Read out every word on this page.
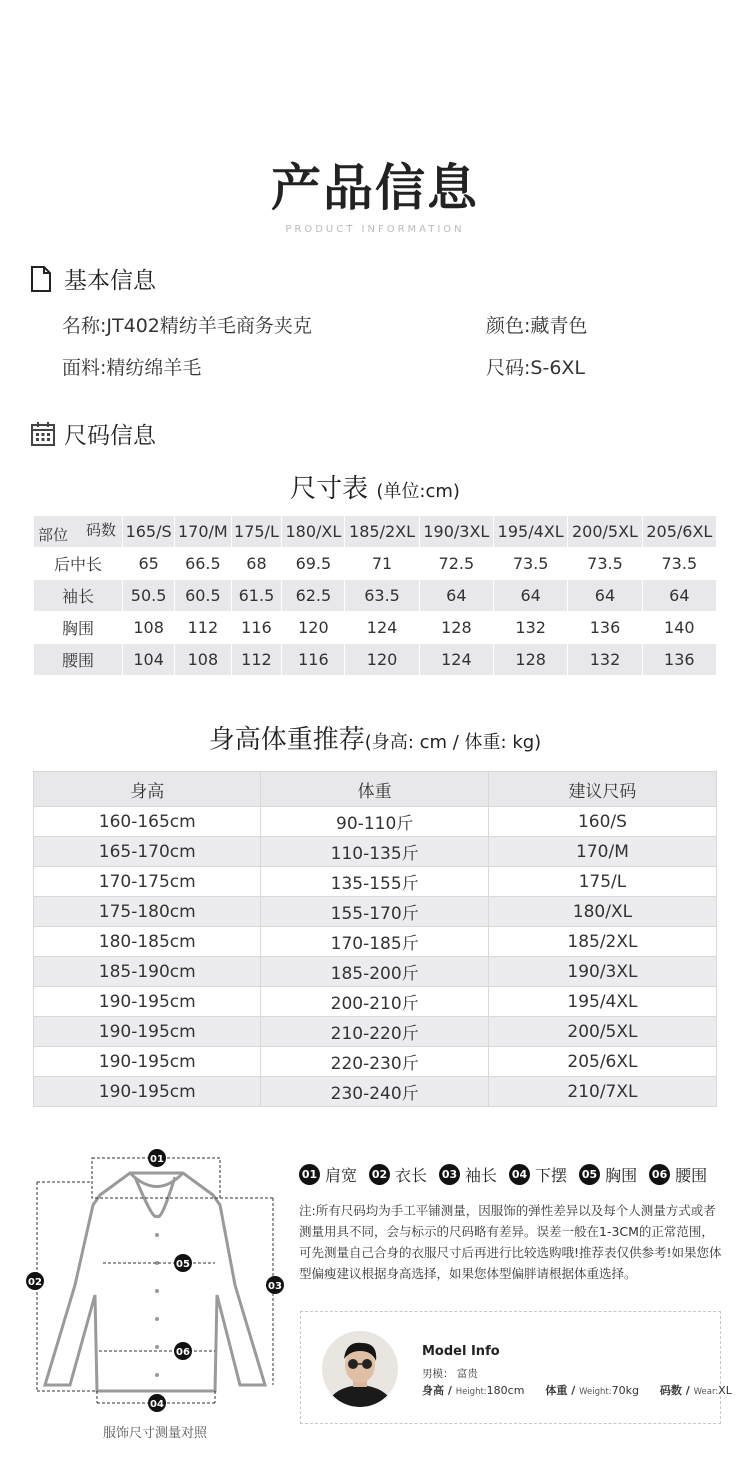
产品信息
PRODUCT INFORMATION
基本信息
名称:JT402精纺羊毛商务夹克	颜色:藏青色
面料:精纺绵羊毛	尺码:S-6XL
尺码信息
尺寸表 (单位:cm)
码数
部位	165/S	170/M	175/L	180/XL	185/2XL	190/3XL	195/4XL	200/5XL	205/6XL
后中长	65	66.5	68	69.5	71	72.5	73.5	73.5	73.5
袖长	50.5	60.5	61.5	62.5	63.5	64	64	64	64
胸围	108	112	116	120	124	128	132	136	140
腰围	104	108	112	116	120	124	128	132	136
身高体重推荐(身高: cm / 体重: kg)
身高	体重	建议尺码
160-165cm	90-110斤	160/S
165-170cm	110-135斤	170/M
170-175cm	135-155斤	175/L
175-180cm	155-170斤	180/XL
180-185cm	170-185斤	185/2XL
185-190cm	185-200斤	190/3XL
190-195cm	200-210斤	195/4XL
190-195cm	210-220斤	200/5XL
190-195cm	220-230斤	205/6XL
190-195cm	230-240斤	210/7XL
01
02	03
04
05
06
服饰尺寸测量对照
01 肩宽 02 衣长 03 袖长 04 下摆 05 胸围 06 腰围
注:所有尺码均为手工平铺测量，因服饰的弹性差异以及每个人测量方式或者测量用具不同，会与标示的尺码略有差异。误差一般在1-3CM的正常范围，可先测量自己合身的衣服尺寸后再进行比较选购哦!推荐表仅供参考!如果您体型偏瘦建议根据身高选择，如果您体型偏胖请根据体重选择。
Model Info
男模： 富贵
身高 / Height:180cm 体重 / Weight:70kg 码数 / Wear:XL
